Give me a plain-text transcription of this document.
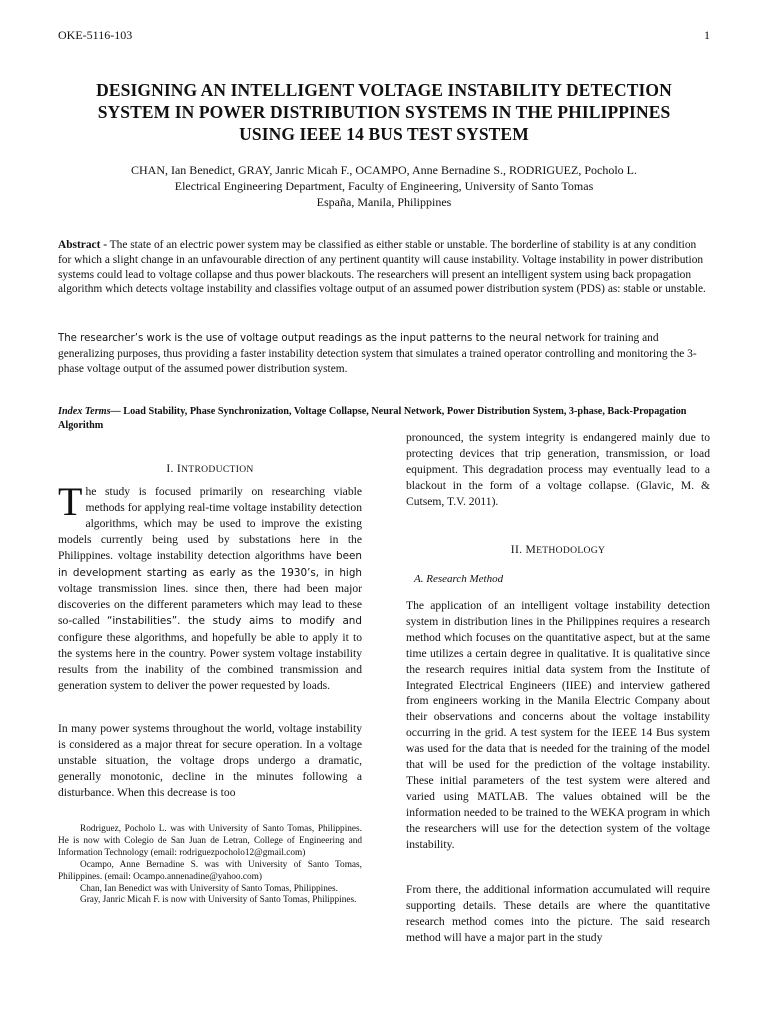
OKE-5116-103	1
DESIGNING AN INTELLIGENT VOLTAGE INSTABILITY DETECTION
SYSTEM IN POWER DISTRIBUTION SYSTEMS IN THE PHILIPPINES
USING IEEE 14 BUS TEST SYSTEM
CHAN, Ian Benedict, GRAY, Janric Micah F., OCAMPO, Anne Bernadine S., RODRIGUEZ, Pocholo L.
Electrical Engineering Department, Faculty of Engineering, University of Santo Tomas
España, Manila, Philippines
Abstract - The state of an electric power system may be classified as either stable or unstable. The borderline of stability is at any condition for which a slight change in an unfavourable direction of any pertinent quantity will cause instability. Voltage instability in power distribution systems could lead to voltage collapse and thus power blackouts. The researchers will present an intelligent system using back propagation algorithm which detects voltage instability and classifies voltage output of an assumed power distribution system (PDS) as: stable or unstable.
The researcher’s work is the use of voltage output readings as the input patterns to the neural network for training and generalizing purposes, thus providing a faster instability detection system that simulates a trained operator controlling and monitoring the 3-phase voltage output of the assumed power distribution system.
Index Terms— Load Stability, Phase Synchronization, Voltage Collapse, Neural Network, Power Distribution System, 3-phase, Back-Propagation Algorithm
I. INTRODUCTION
The study is focused primarily on researching viable methods for applying real-time voltage instability detection algorithms, which may be used to improve the existing models currently being used by substations here in the Philippines. voltage instability detection algorithms have been in development starting as early as the 1930’s, in high voltage transmission lines. since then, there had been major discoveries on the different parameters which may lead to these so-called “instabilities”. the study aims to modify and configure these algorithms, and hopefully be able to apply it to the systems here in the country. Power system voltage instability results from the inability of the combined transmission and generation system to deliver the power requested by loads.
In many power systems throughout the world, voltage instability is considered as a major threat for secure operation. In a voltage unstable situation, the voltage drops undergo a dramatic, generally monotonic, decline in the minutes following a disturbance. When this decrease is too

Rodriguez, Pocholo L. was with University of Santo Tomas, Philippines. He is now with Colegio de San Juan de Letran, College of Engineering and Information Technology (email: rodriguezpocholo12@gmail.com)

Ocampo, Anne Bernadine S. was with University of Santo Tomas, Philippines. (email: Ocampo.annenadine@yahoo.com)

Chan, Ian Benedict was with University of Santo Tomas, Philippines.

Gray, Janric Micah F. is now with University of Santo Tomas, Philippines.

pronounced, the system integrity is endangered mainly due to protecting devices that trip generation, transmission, or load equipment. This degradation process may eventually lead to a blackout in the form of a voltage collapse. (Glavic, M. & Cutsem, T.V. 2011).
II. METHODOLOGY
A. Research Method
The application of an intelligent voltage instability detection system in distribution lines in the Philippines requires a research method which focuses on the quantitative aspect, but at the same time utilizes a certain degree in qualitative. It is qualitative since the research requires initial data system from the Institute of Integrated Electrical Engineers (IIEE) and interview gathered from engineers working in the Manila Electric Company about their observations and concerns about the voltage instability occurring in the grid. A test system for the IEEE 14 Bus system was used for the data that is needed for the training of the model that will be used for the prediction of the voltage instability. These initial parameters of the test system were altered and varied using MATLAB. The values obtained will be the information needed to be trained to the WEKA program in which the researchers will use for the detection system of the voltage instability.
From there, the additional information accumulated will require supporting details. These details are where the quantitative research method comes into the picture. The said research method will have a major part in the study
